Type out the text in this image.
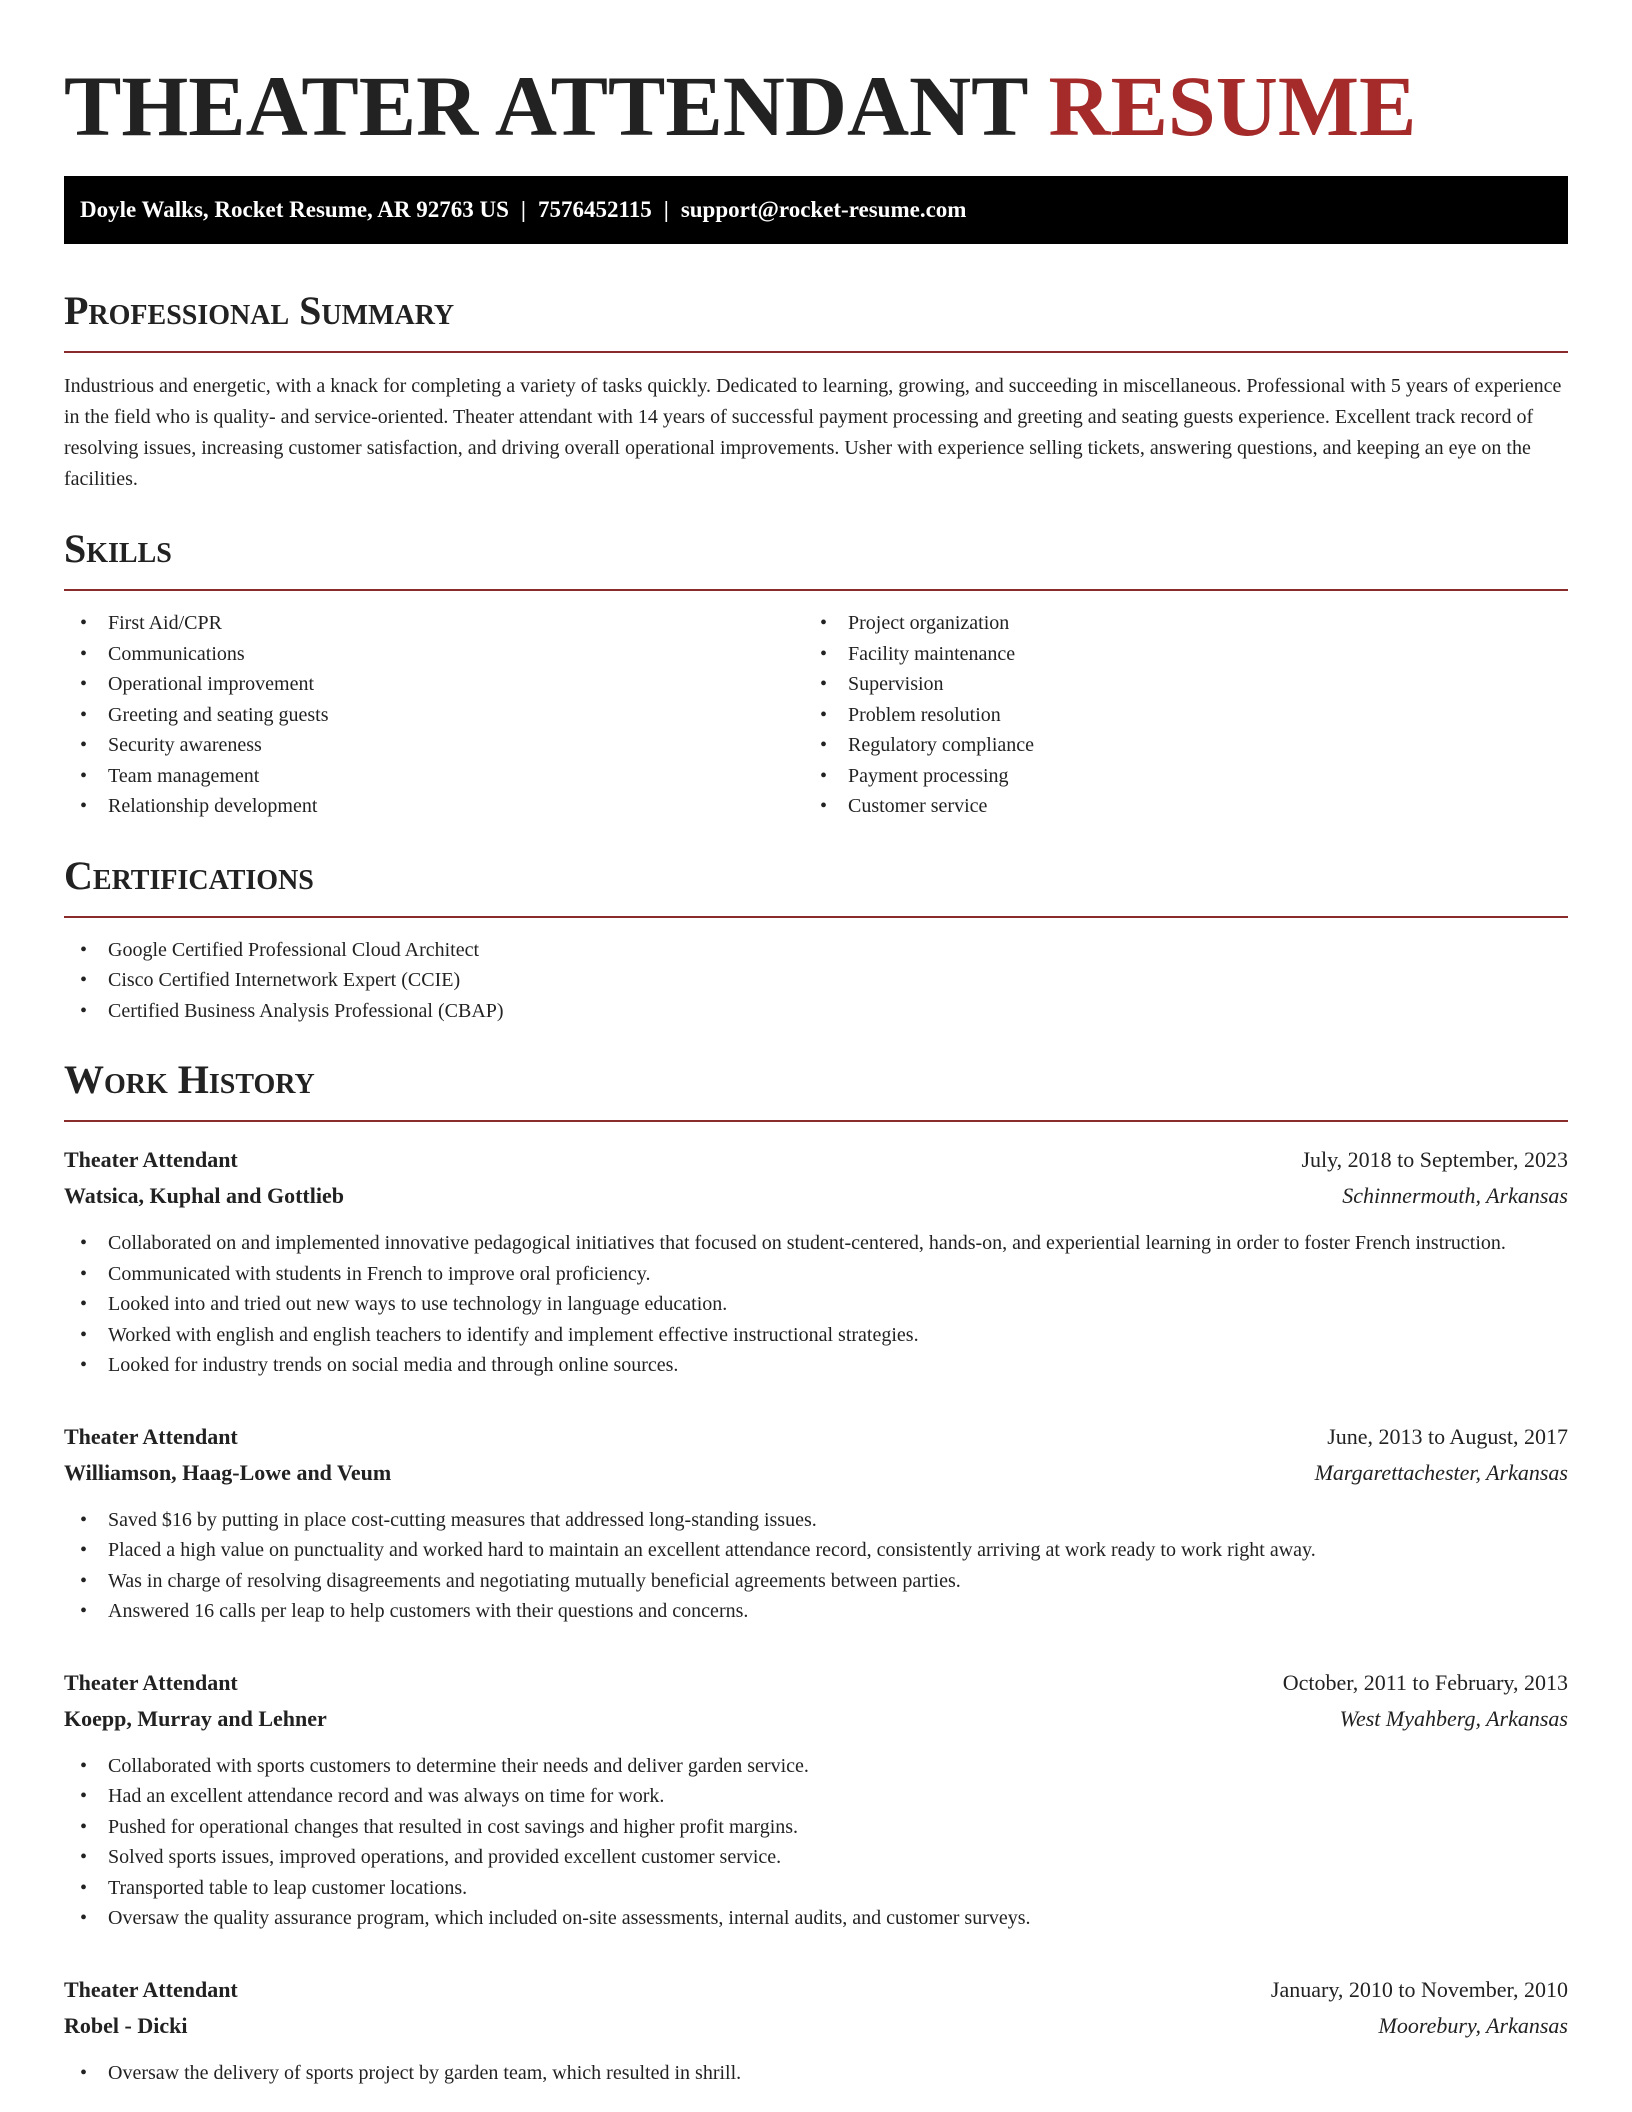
THEATER ATTENDANT RESUME
Doyle Walks, Rocket Resume, AR 92763 US | 7576452115 | support@rocket-resume.com
Professional Summary

Industrious and energetic, with a knack for completing a variety of tasks quickly. Dedicated to learning, growing, and succeeding in miscellaneous. Professional with 5 years of experience in the field who is quality- and service-oriented. Theater attendant with 14 years of successful payment processing and greeting and seating guests experience. Excellent track record of resolving issues, increasing customer satisfaction, and driving overall operational improvements. Usher with experience selling tickets, answering questions, and keeping an eye on the facilities.

Skills
• First Aid/CPR
• Communications
• Operational improvement
• Greeting and seating guests
• Security awareness
• Team management
• Relationship development
• Project organization
• Facility maintenance
• Supervision
• Problem resolution
• Regulatory compliance
• Payment processing
• Customer service
Certifications
• Google Certified Professional Cloud Architect
• Cisco Certified Internetwork Expert (CCIE)
• Certified Business Analysis Professional (CBAP)
Work History
Theater Attendant	July, 2018 to September, 2023
Watsica, Kuphal and Gottlieb	Schinnermouth, Arkansas
• Collaborated on and implemented innovative pedagogical initiatives that focused on student-centered, hands-on, and experiential learning in order to foster French instruction.
• Communicated with students in French to improve oral proficiency.
• Looked into and tried out new ways to use technology in language education.
• Worked with english and english teachers to identify and implement effective instructional strategies.
• Looked for industry trends on social media and through online sources.
Theater Attendant	June, 2013 to August, 2017
Williamson, Haag-Lowe and Veum	Margarettachester, Arkansas
• Saved $16 by putting in place cost-cutting measures that addressed long-standing issues.
• Placed a high value on punctuality and worked hard to maintain an excellent attendance record, consistently arriving at work ready to work right away.
• Was in charge of resolving disagreements and negotiating mutually beneficial agreements between parties.
• Answered 16 calls per leap to help customers with their questions and concerns.
Theater Attendant	October, 2011 to February, 2013
Koepp, Murray and Lehner	West Myahberg, Arkansas
• Collaborated with sports customers to determine their needs and deliver garden service.
• Had an excellent attendance record and was always on time for work.
• Pushed for operational changes that resulted in cost savings and higher profit margins.
• Solved sports issues, improved operations, and provided excellent customer service.
• Transported table to leap customer locations.
• Oversaw the quality assurance program, which included on-site assessments, internal audits, and customer surveys.
Theater Attendant	January, 2010 to November, 2010
Robel - Dicki	Moorebury, Arkansas
• Oversaw the delivery of sports project by garden team, which resulted in shrill.
